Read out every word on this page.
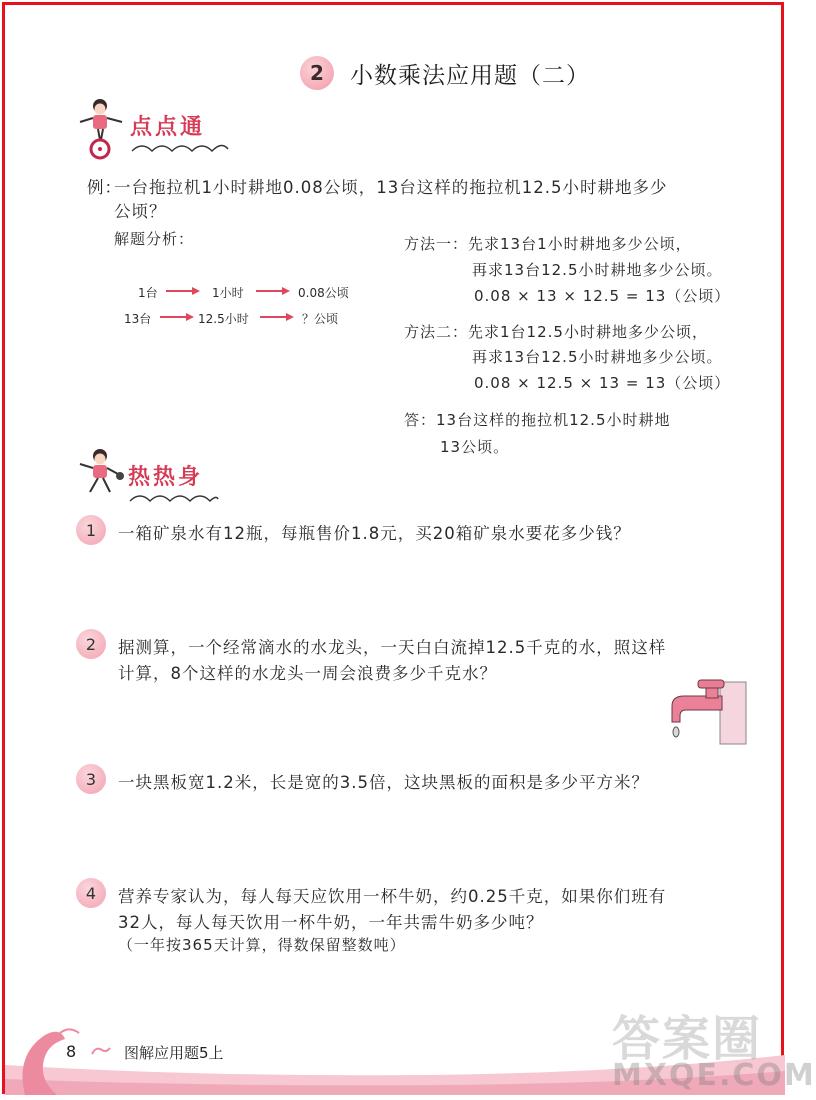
2	小数乘法应用题（二）
点点通
例：
一台拖拉机1小时耕地0.08公顷，13台这样的拖拉机12.5小时耕地多少
公顷？
解题分析：
1台	1小时	0.08公顷
13台	12.5小时	？公顷
方法一：先求13台1小时耕地多少公顷，
再求13台12.5小时耕地多少公顷。
0.08 × 13 × 12.5 = 13（公顷）
方法二：先求1台12.5小时耕地多少公顷，
再求13台12.5小时耕地多少公顷。
0.08 × 12.5 × 13 = 13（公顷）
答：13台这样的拖拉机12.5小时耕地
13公顷。
热热身
1	一箱矿泉水有12瓶，每瓶售价1.8元，买20箱矿泉水要花多少钱？
2	据测算，一个经常滴水的水龙头，一天白白流掉12.5千克的水，照这样
计算，8个这样的水龙头一周会浪费多少千克水？
3	一块黑板宽1.2米，长是宽的3.5倍，这块黑板的面积是多少平方米？
4	营养专家认为，每人每天应饮用一杯牛奶，约0.25千克，如果你们班有
32人，每人每天饮用一杯牛奶，一年共需牛奶多少吨？
（一年按365天计算，得数保留整数吨）
8	图解应用题5上	答案圈
MXQE.COM
